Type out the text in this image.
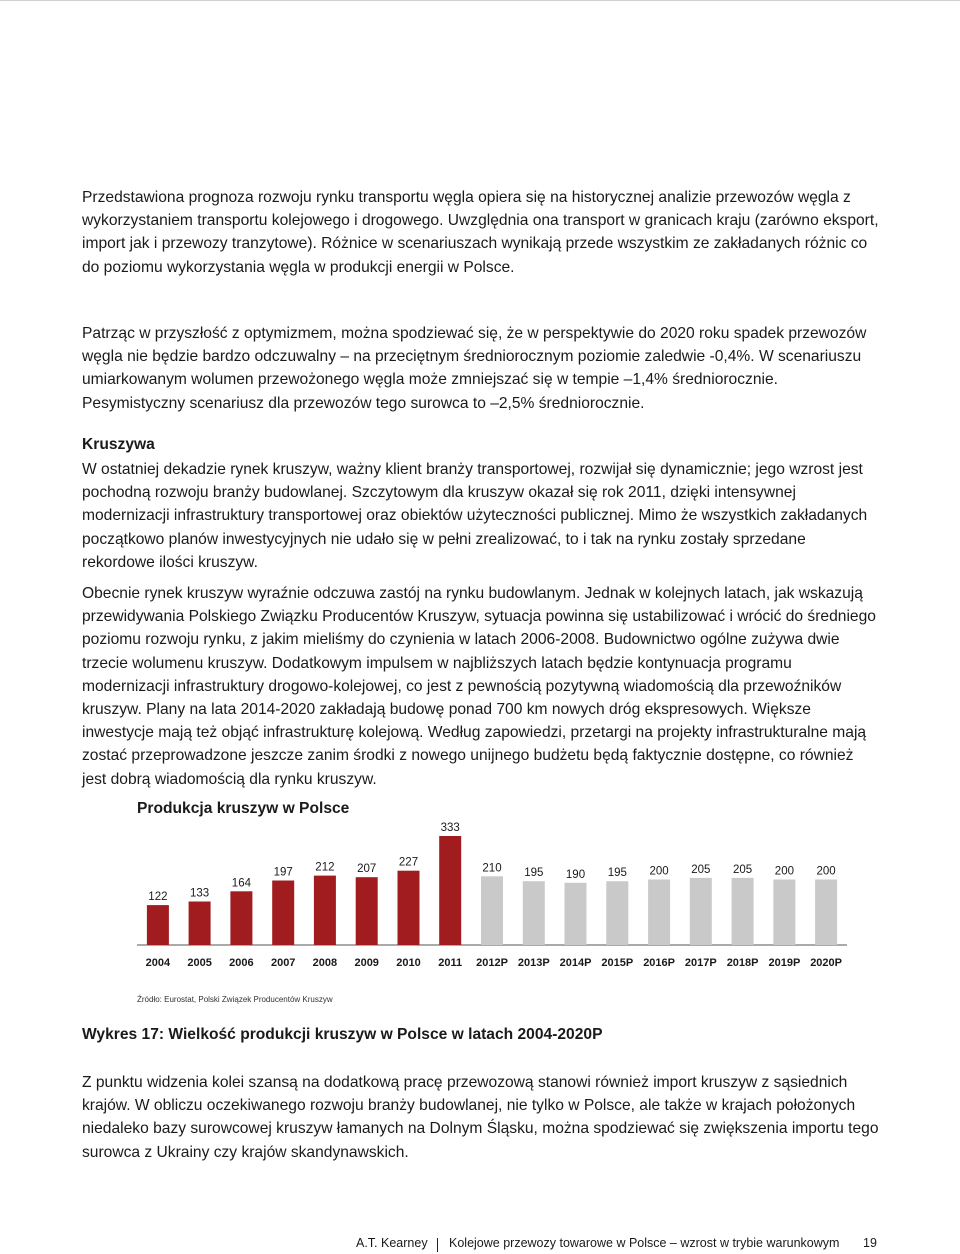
Przedstawiona prognoza rozwoju rynku transportu węgla opiera się na historycznej analizie przewozów węgla z wykorzystaniem transportu kolejowego i drogowego. Uwzględnia ona transport w granicach kraju (zarówno eksport, import jak i przewozy tranzytowe). Różnice w scenariuszach wynikają przede wszystkim ze zakładanych różnic co do poziomu wykorzystania węgla w produkcji energii w Polsce.

Patrząc w przyszłość z optymizmem, można spodziewać się, że w perspektywie do 2020 roku spadek przewozów węgla nie będzie bardzo odczuwalny – na przeciętnym średniorocznym poziomie zaledwie -0,4%. W scenariuszu umiarkowanym wolumen przewożonego węgla może zmniejszać się w tempie –1,4% średniorocznie. Pesymistyczny scenariusz dla przewozów tego surowca to –2,5% średniorocznie.

Kruszywa

W ostatniej dekadzie rynek kruszyw, ważny klient branży transportowej, rozwijał się dynamicznie; jego wzrost jest pochodną rozwoju branży budowlanej. Szczytowym dla kruszyw okazał się rok 2011, dzięki intensywnej modernizacji infrastruktury transportowej oraz obiektów użyteczności publicznej. Mimo że wszystkich zakładanych początkowo planów inwestycyjnych nie udało się w pełni zrealizować, to i tak na rynku zostały sprzedane rekordowe ilości kruszyw.

Obecnie rynek kruszyw wyraźnie odczuwa zastój na rynku budowlanym. Jednak w kolejnych latach, jak wskazują przewidywania Polskiego Związku Producentów Kruszyw, sytuacja powinna się ustabilizować i wrócić do średniego poziomu rozwoju rynku, z jakim mieliśmy do czynienia w latach 2006-2008. Budownictwo ogólne zużywa dwie trzecie wolumenu kruszyw. Dodatkowym impulsem w najbliższych latach będzie kontynuacja programu modernizacji infrastruktury drogowo-kolejowej, co jest z pewnością pozytywną wiadomością dla przewoźników kruszyw. Plany na lata 2014-2020 zakładają budowę ponad 700 km nowych dróg ekspresowych. Większe inwestycje mają też objąć infrastrukturę kolejową. Według zapowiedzi, przetargi na projekty infrastrukturalne mają zostać przeprowadzone jeszcze zanim środki z nowego unijnego budżetu będą faktycznie dostępne, co również jest dobrą wiadomością dla rynku kruszyw.

Produkcja kruszyw w Polsce
122
2004
133
2005
164
2006
197
2007
212
2008
207
2009
227
2010
333
2011
210
2012P
195
2013P
190
2014P
195
2015P
200
2016P
205
2017P
205
2018P
200
2019P
200
2020P

Źródło: Eurostat, Polski Związek Producentów Kruszyw

Wykres 17: Wielkość produkcji kruszyw w Polsce w latach 2004-2020P

Z punktu widzenia kolei szansą na dodatkową pracę przewozową stanowi również import kruszyw z sąsiednich krajów. W obliczu oczekiwanego rozwoju branży budowlanej, nie tylko w Polsce, ale także w krajach położonych niedaleko bazy surowcowej kruszyw łamanych na Dolnym Śląsku, można spodziewać się zwiększenia importu tego surowca z Ukrainy czy krajów skandynawskich.

A.T. Kearney Kolejowe przewozy towarowe w Polsce – wzrost w trybie warunkowym 19
